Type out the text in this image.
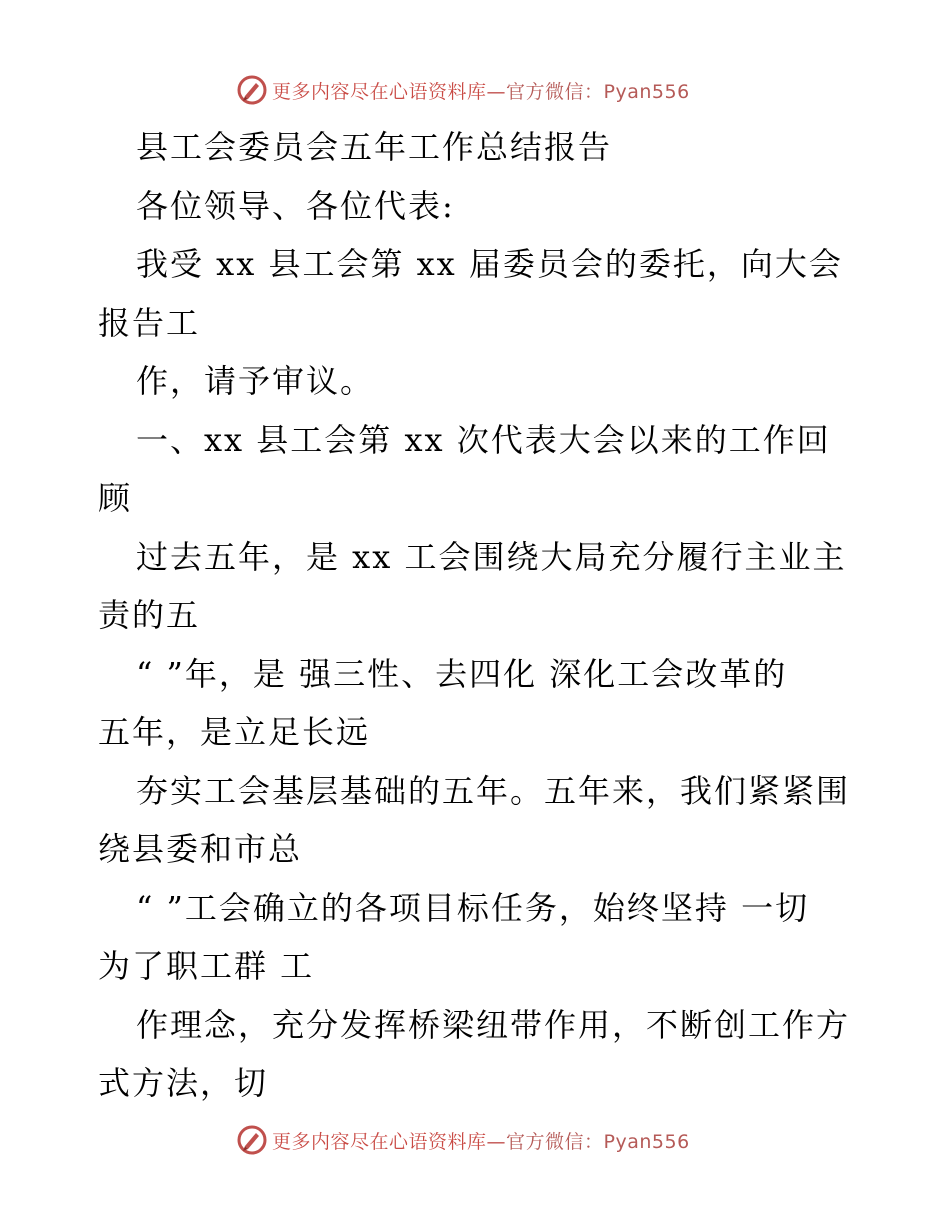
更多内容尽在心语资料库—官方微信：Pyan556
县工会委员会五年工作总结报告
各位领导、各位代表:
我受 xx 县工会第 xx 届委员会的委托，向大会
报告工
作，请予审议。
一、xx 县工会第 xx 次代表大会以来的工作回
顾
过去五年，是 xx 工会围绕大局充分履行主业主
责的五
“ ”年，是 强三性、去四化 深化工会改革的
五年，是立足长远
夯实工会基层基础的五年。五年来，我们紧紧围
绕县委和市总
“ ”工会确立的各项目标任务，始终坚持 一切
为了职工群 工
作理念，充分发挥桥梁纽带作用，不断创工作方
式方法，切
更多内容尽在心语资料库—官方微信：Pyan556
